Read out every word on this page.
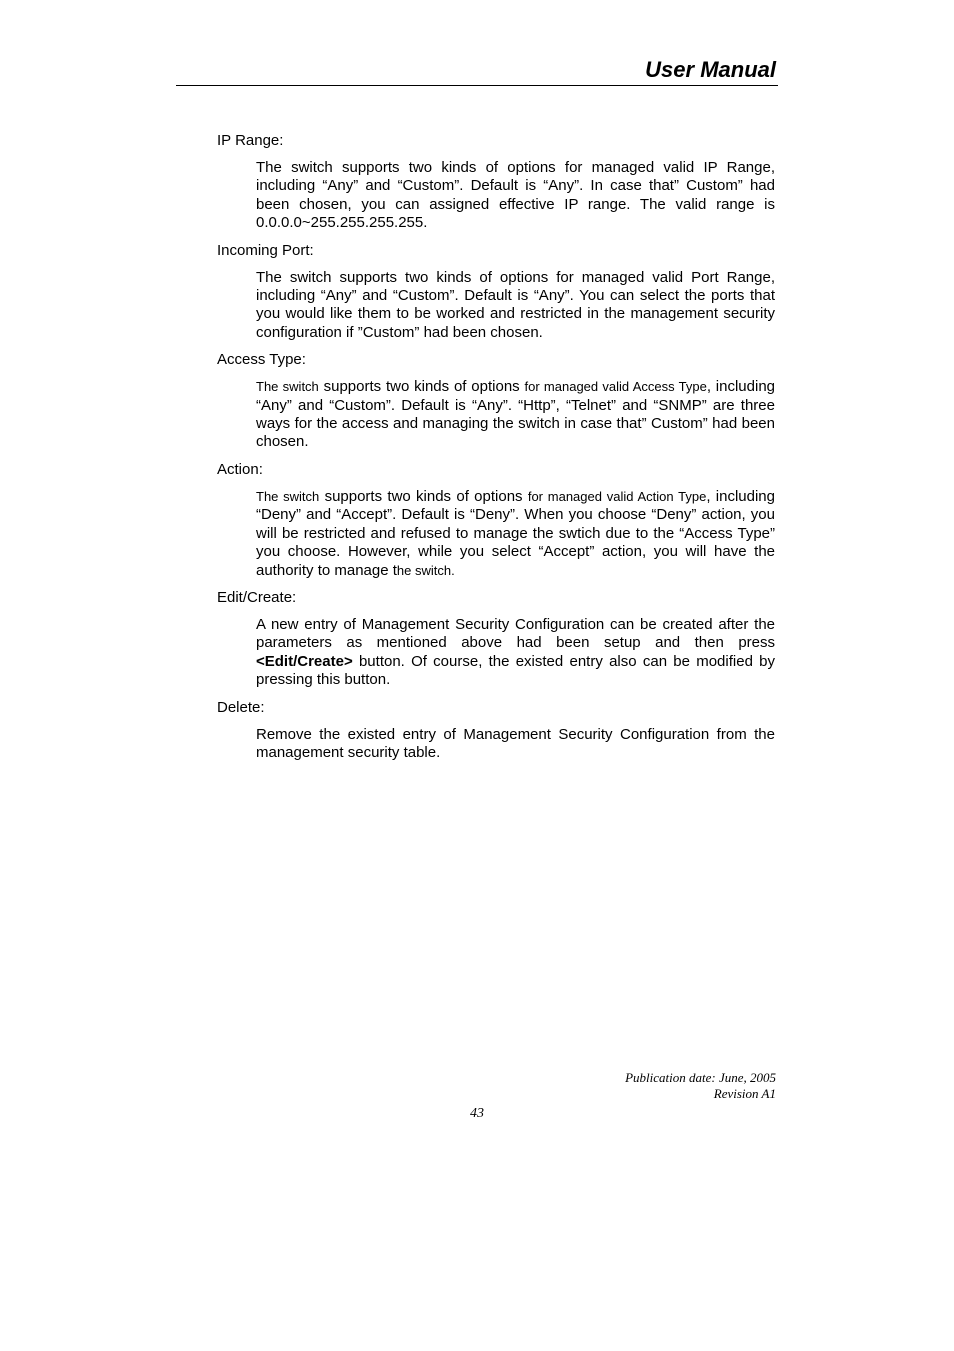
User Manual
IP Range:
The switch supports two kinds of options for managed valid IP Range, including “Any” and “Custom”. Default is “Any”. In case that” Custom” had been chosen, you can assigned effective IP range. The valid range is 0.0.0.0~255.255.255.255.
Incoming Port:
The switch supports two kinds of options for managed valid Port Range, including “Any” and “Custom”. Default is “Any”. You can select the ports that you would like them to be worked and restricted in the management security configuration if ”Custom” had been chosen.
Access Type:
The switch supports two kinds of options for managed valid Access Type, including “Any” and “Custom”. Default is “Any”. “Http”, “Telnet” and “SNMP” are three ways for the access and managing the switch in case that” Custom” had been chosen.
Action:
The switch supports two kinds of options for managed valid Action Type, including “Deny” and “Accept”. Default is “Deny”. When you choose “Deny” action, you will be restricted and refused to manage the swtich due to the “Access Type” you choose. However, while you select “Accept” action, you will have the authority to manage the switch.
Edit/Create:
A new entry of Management Security Configuration can be created after the parameters as mentioned above had been setup and then press <Edit/Create> button. Of course, the existed entry also can be modified by pressing this button.
Delete:
Remove the existed entry of Management Security Configuration from the management security table.
Publication date: June, 2005
Revision A1
43
